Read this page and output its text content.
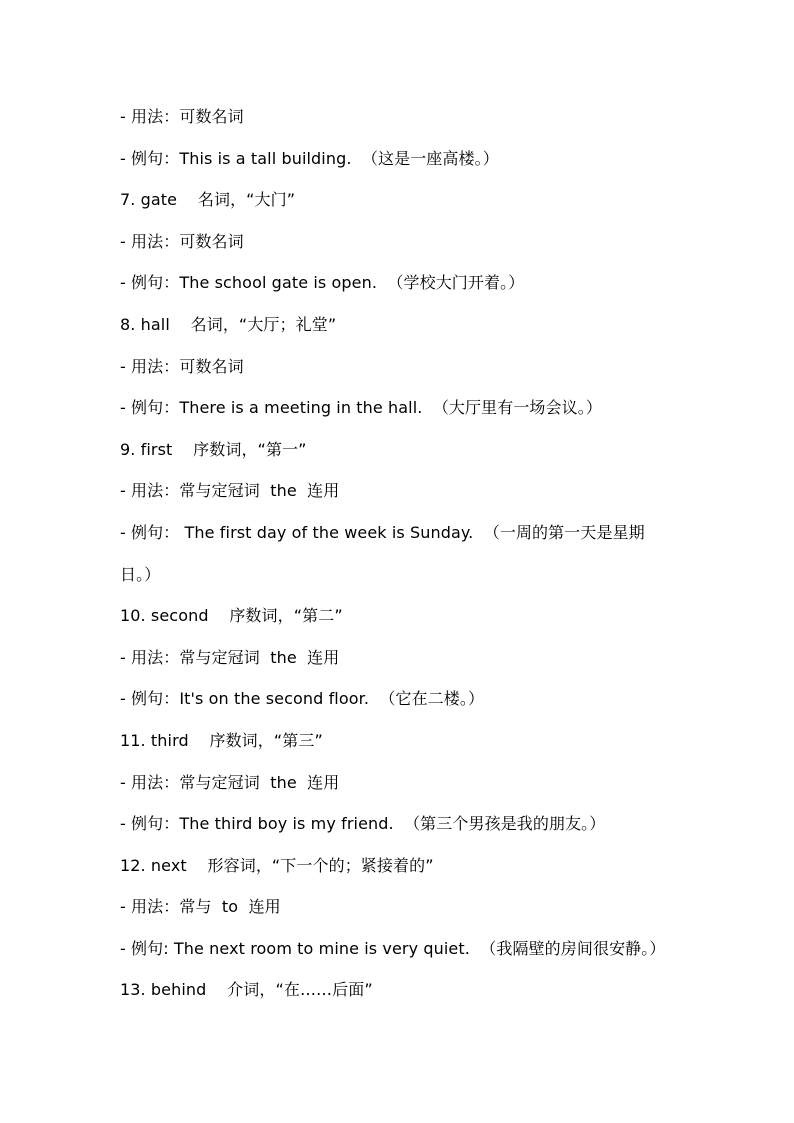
- 用法：可数名词
- 例句：This is a tall building.  （这是一座高楼。）
7. gate    名词，“大门”
- 用法：可数名词
- 例句：The school gate is open.  （学校大门开着。）
8. hall    名词，“大厅；礼堂”
- 用法：可数名词
- 例句：There is a meeting in the hall.  （大厅里有一场会议。）
9. first    序数词，“第一”
- 用法：常与定冠词  the  连用
- 例句： The first day of the week is Sunday.  （一周的第一天是星期
日。）
10. second    序数词，“第二”
- 用法：常与定冠词  the  连用
- 例句：It's on the second floor.  （它在二楼。）
11. third    序数词，“第三”
- 用法：常与定冠词  the  连用
- 例句：The third boy is my friend.  （第三个男孩是我的朋友。）
12. next    形容词，“下一个的；紧接着的”
- 用法：常与  to  连用
- 例句: The next room to mine is very quiet.  （我隔壁的房间很安静。）
13. behind    介词，“在……后面”
